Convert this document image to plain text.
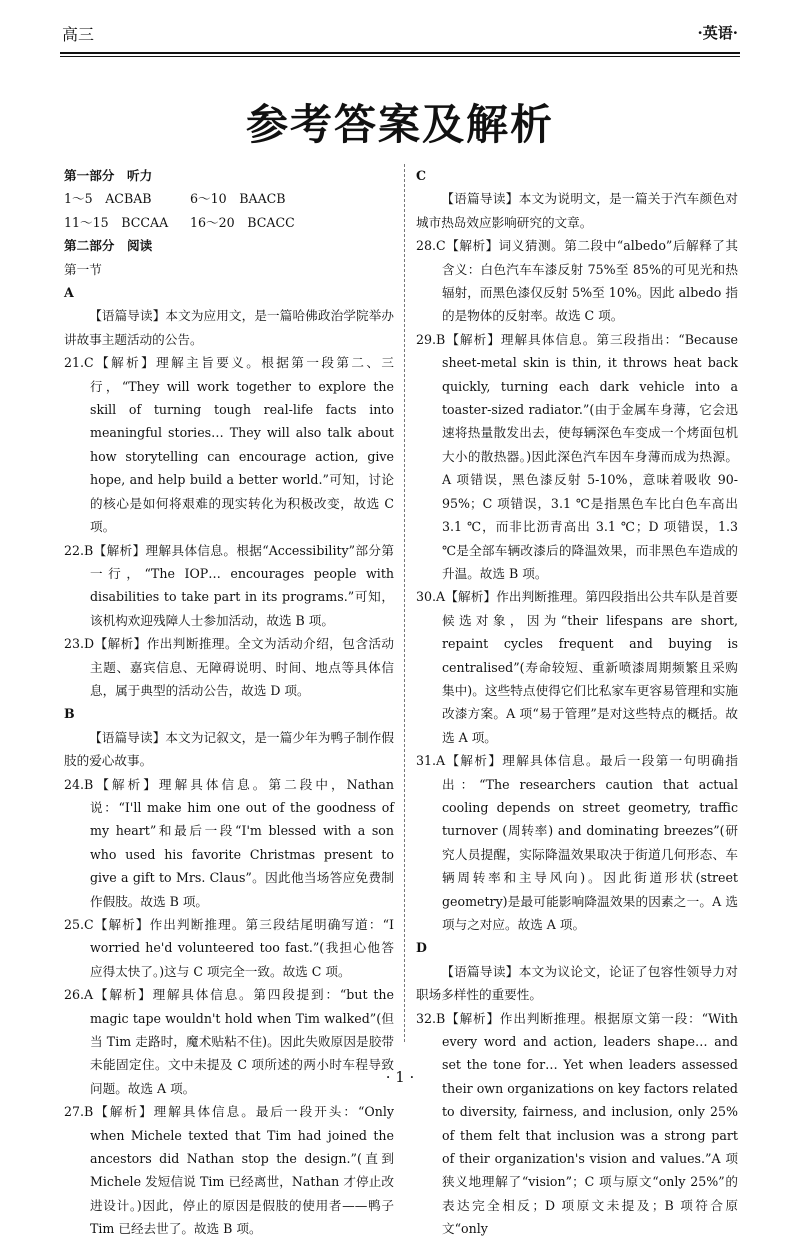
高三	·英语·
参考答案及解析

第一部分　听力

1～5　ACBAB	6～10　BAACB
11～15　BCCAA	16～20　BCACC

第二部分　阅读

第一节

A

【语篇导读】本文为应用文，是一篇哈佛政治学院举办讲故事主题活动的公告。

21.C【解析】理解主旨要义。根据第一段第二、三行，“They will work together to explore the skill of turning tough real-life facts into meaningful stories… They will also talk about how storytelling can encourage action, give hope, and help build a better world.”可知，讨论的核心是如何将艰难的现实转化为积极改变，故选 C 项。

22.B【解析】理解具体信息。根据“Accessibility”部分第一行，“The IOP… encourages people with disabilities to take part in its programs.”可知，该机构欢迎残障人士参加活动，故选 B 项。

23.D【解析】作出判断推理。全文为活动介绍，包含活动主题、嘉宾信息、无障碍说明、时间、地点等具体信息，属于典型的活动公告，故选 D 项。

B

【语篇导读】本文为记叙文，是一篇少年为鸭子制作假肢的爱心故事。

24.B【解析】理解具体信息。第二段中，Nathan 说：“I'll make him one out of the goodness of my heart”和最后一段“I'm blessed with a son who used his favorite Christmas present to give a gift to Mrs. Claus”。因此他当场答应免费制作假肢。故选 B 项。

25.C【解析】作出判断推理。第三段结尾明确写道：“I worried he'd volunteered too fast.”(我担心他答应得太快了。)这与 C 项完全一致。故选 C 项。

26.A【解析】理解具体信息。第四段提到：“but the magic tape wouldn't hold when Tim walked”(但当 Tim 走路时，魔术贴粘不住)。因此失败原因是胶带未能固定住。文中未提及 C 项所述的两小时车程导致问题。故选 A 项。

27.B【解析】理解具体信息。最后一段开头：“Only when Michele texted that Tim had joined the ancestors did Nathan stop the design.”(直到 Michele 发短信说 Tim 已经离世，Nathan 才停止改进设计。)因此，停止的原因是假肢的使用者——鸭子 Tim 已经去世了。故选 B 项。

C

【语篇导读】本文为说明文，是一篇关于汽车颜色对城市热岛效应影响研究的文章。

28.C【解析】词义猜测。第二段中“albedo”后解释了其含义：白色汽车车漆反射 75%至 85%的可见光和热辐射，而黑色漆仅反射 5%至 10%。因此 albedo 指的是物体的反射率。故选 C 项。

29.B【解析】理解具体信息。第三段指出：“Because sheet-metal skin is thin, it throws heat back quickly, turning each dark vehicle into a toaster-sized radiator.”(由于金属车身薄，它会迅速将热量散发出去，使每辆深色车变成一个烤面包机大小的散热器。)因此深色汽车因车身薄而成为热源。A 项错误，黑色漆反射 5-10%，意味着吸收 90-95%；C 项错误，3.1 ℃是指黑色车比白色车高出 3.1 ℃，而非比沥青高出 3.1 ℃；D 项错误，1.3 ℃是全部车辆改漆后的降温效果，而非黑色车造成的升温。故选 B 项。

30.A【解析】作出判断推理。第四段指出公共车队是首要候选对象，因为“their lifespans are short, repaint cycles frequent and buying is centralised”(寿命较短、重新喷漆周期频繁且采购集中)。这些特点使得它们比私家车更容易管理和实施改漆方案。A 项“易于管理”是对这些特点的概括。故选 A 项。

31.A【解析】理解具体信息。最后一段第一句明确指出：“The researchers caution that actual cooling depends on street geometry, traffic turnover (周转率) and dominating breezes”(研究人员提醒，实际降温效果取决于街道几何形态、车辆周转率和主导风向)。因此街道形状(street geometry)是最可能影响降温效果的因素之一。A 选项与之对应。故选 A 项。

D

【语篇导读】本文为议论文，论证了包容性领导力对职场多样性的重要性。

32.B【解析】作出判断推理。根据原文第一段：“With every word and action, leaders shape… and set the tone for… Yet when leaders assessed their own organizations on key factors related to diversity, fairness, and inclusion, only 25% of them felt that inclusion was a strong part of their organization's vision and values.”A 项狭义地理解了“vision”；C 项与原文“only 25%”的表达完全相反；D 项原文未提及；B 项符合原文“only

· 1 ·
